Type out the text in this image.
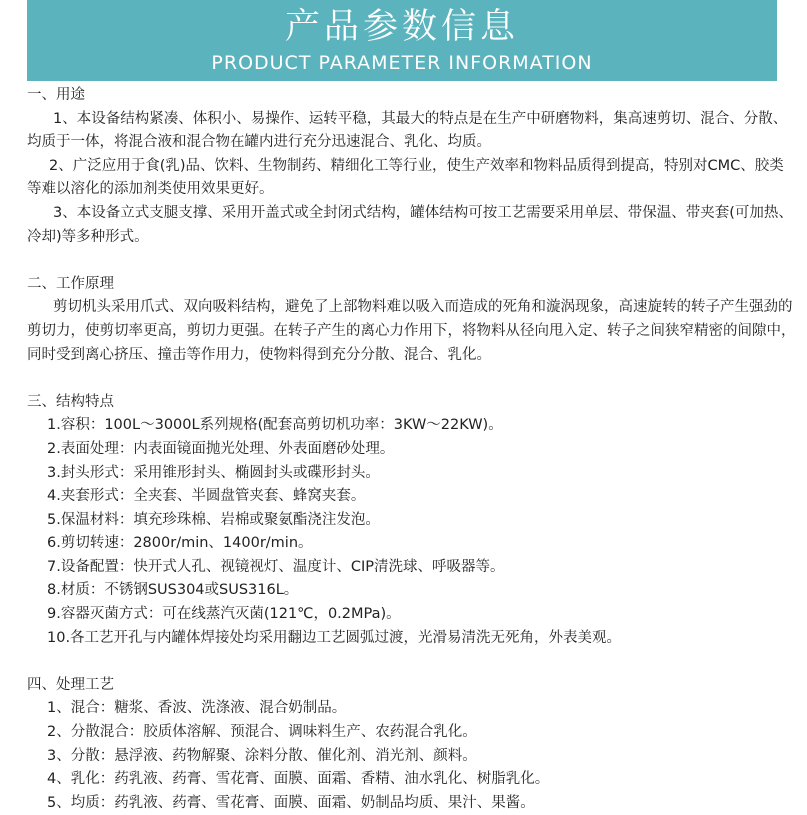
产品参数信息
PRODUCT PARAMETER INFORMATION

一、用途

1、本设备结构紧凑、体积小、易操作、运转平稳，其最大的特点是在生产中研磨物料，集高速剪切、混合、分散、均质于一体，将混合液和混合物在罐内进行充分迅速混合、乳化、均质。

2、广泛应用于食(乳)品、饮料、生物制药、精细化工等行业，使生产效率和物料品质得到提高，特别对CMC、胶类等难以溶化的添加剂类使用效果更好。

3、本设备立式支腿支撑、采用开盖式或全封闭式结构，罐体结构可按工艺需要采用单层、带保温、带夹套(可加热、冷却)等多种形式。

二、工作原理

剪切机头采用爪式、双向吸料结构，避免了上部物料难以吸入而造成的死角和漩涡现象，高速旋转的转子产生强劲的剪切力，使剪切率更高，剪切力更强。在转子产生的离心力作用下，将物料从径向甩入定、转子之间狭窄精密的间隙中，同时受到离心挤压、撞击等作用力，使物料得到充分分散、混合、乳化。

三、结构特点

1.容积：100L～3000L系列规格(配套高剪切机功率：3KW～22KW)。

2.表面处理：内表面镜面抛光处理、外表面磨砂处理。

3.封头形式：采用锥形封头、椭圆封头或碟形封头。

4.夹套形式：全夹套、半圆盘管夹套、蜂窝夹套。

5.保温材料：填充珍珠棉、岩棉或聚氨酯浇注发泡。

6.剪切转速：2800r/min、1400r/min。

7.设备配置：快开式人孔、视镜视灯、温度计、CIP清洗球、呼吸器等。

8.材质：不锈钢SUS304或SUS316L。

9.容器灭菌方式：可在线蒸汽灭菌(121℃，0.2MPa)。

10.各工艺开孔与内罐体焊接处均采用翻边工艺圆弧过渡，光滑易清洗无死角，外表美观。

四、处理工艺

1、混合：糖浆、香波、洗涤液、混合奶制品。

2、分散混合：胶质体溶解、预混合、调味料生产、农药混合乳化。

3、分散：悬浮液、药物解聚、涂料分散、催化剂、消光剂、颜料。

4、乳化：药乳液、药膏、雪花膏、面膜、面霜、香精、油水乳化、树脂乳化。

5、均质：药乳液、药膏、雪花膏、面膜、面霜、奶制品均质、果汁、果酱。
